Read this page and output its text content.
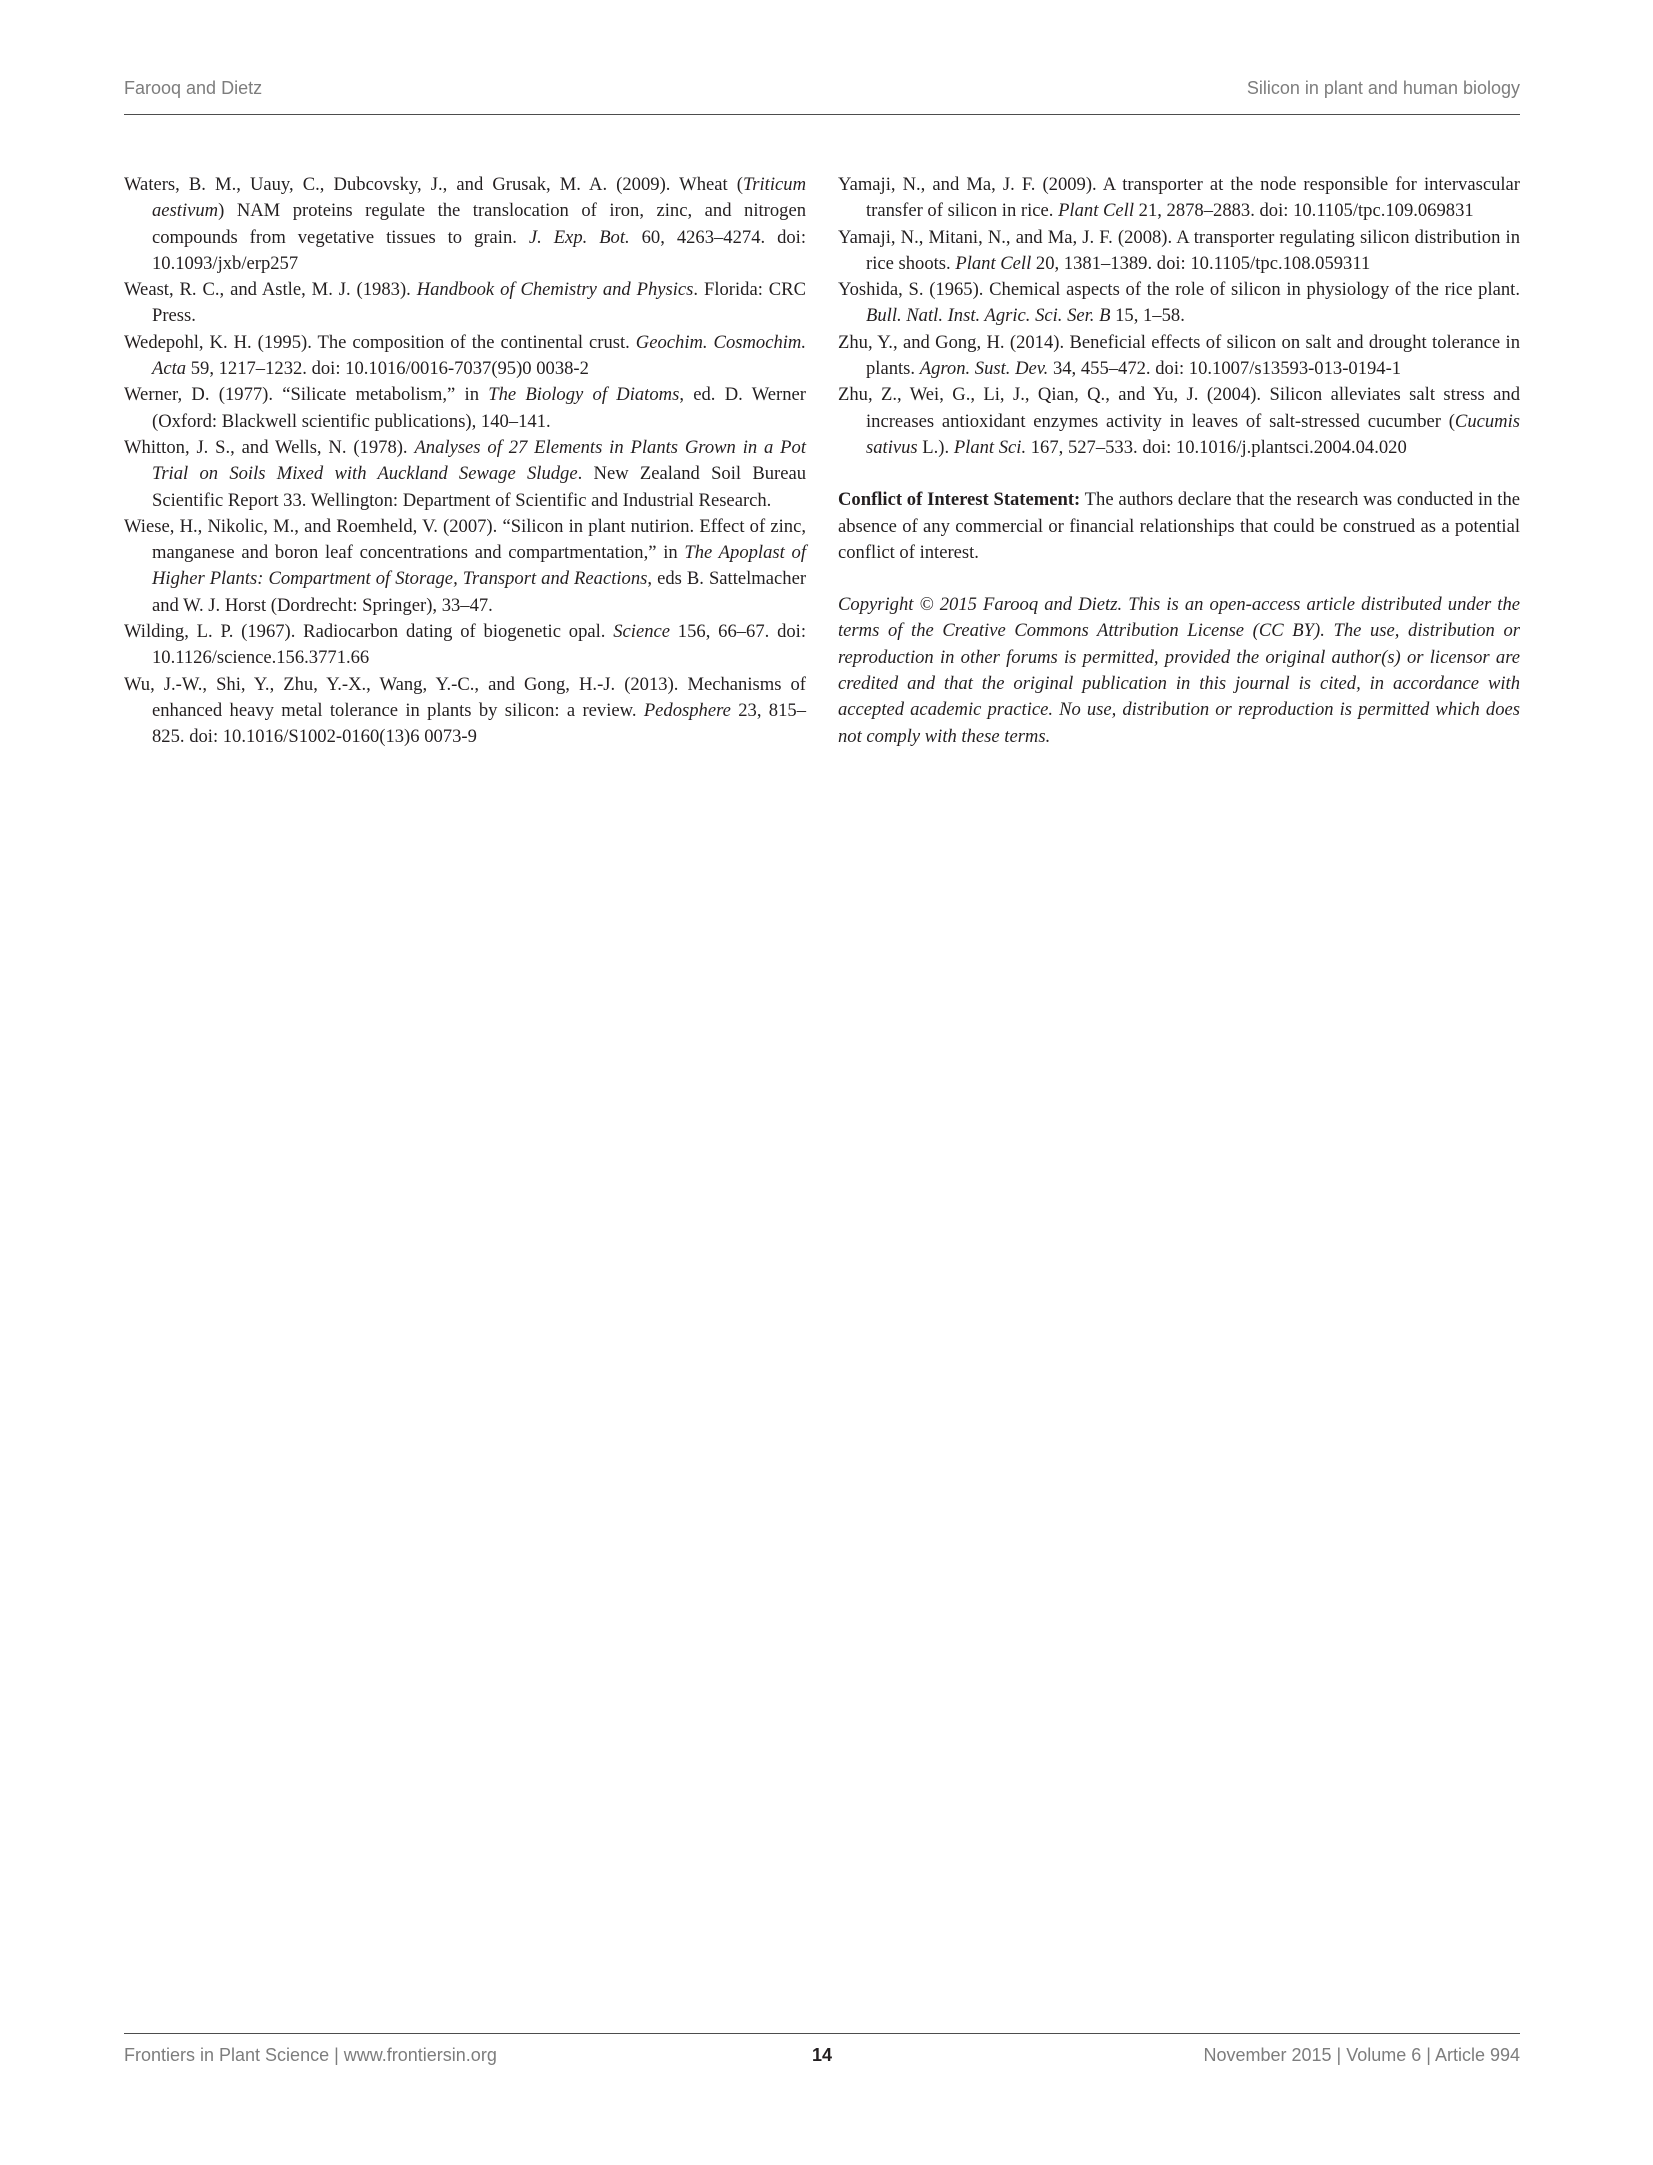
Farooq and Dietz	Silicon in plant and human biology

Waters, B. M., Uauy, C., Dubcovsky, J., and Grusak, M. A. (2009). Wheat (Triticum aestivum) NAM proteins regulate the translocation of iron, zinc, and nitrogen compounds from vegetative tissues to grain. J. Exp. Bot. 60, 4263–4274. doi: 10.1093/jxb/erp257

Weast, R. C., and Astle, M. J. (1983). Handbook of Chemistry and Physics. Florida: CRC Press.

Wedepohl, K. H. (1995). The composition of the continental crust. Geochim. Cosmochim. Acta 59, 1217–1232. doi: 10.1016/0016-7037(95)0 0038-2

Werner, D. (1977). “Silicate metabolism,” in The Biology of Diatoms, ed. D. Werner (Oxford: Blackwell scientific publications), 140–141.

Whitton, J. S., and Wells, N. (1978). Analyses of 27 Elements in Plants Grown in a Pot Trial on Soils Mixed with Auckland Sewage Sludge. New Zealand Soil Bureau Scientific Report 33. Wellington: Department of Scientific and Industrial Research.

Wiese, H., Nikolic, M., and Roemheld, V. (2007). “Silicon in plant nutirion. Effect of zinc, manganese and boron leaf concentrations and compartmentation,” in The Apoplast of Higher Plants: Compartment of Storage, Transport and Reactions, eds B. Sattelmacher and W. J. Horst (Dordrecht: Springer), 33–47.

Wilding, L. P. (1967). Radiocarbon dating of biogenetic opal. Science 156, 66–67. doi: 10.1126/science.156.3771.66

Wu, J.-W., Shi, Y., Zhu, Y.-X., Wang, Y.-C., and Gong, H.-J. (2013). Mechanisms of enhanced heavy metal tolerance in plants by silicon: a review. Pedosphere 23, 815–825. doi: 10.1016/S1002-0160(13)6 0073-9

Yamaji, N., and Ma, J. F. (2009). A transporter at the node responsible for intervascular transfer of silicon in rice. Plant Cell 21, 2878–2883. doi: 10.1105/tpc.109.069831

Yamaji, N., Mitani, N., and Ma, J. F. (2008). A transporter regulating silicon distribution in rice shoots. Plant Cell 20, 1381–1389. doi: 10.1105/tpc.108.059311

Yoshida, S. (1965). Chemical aspects of the role of silicon in physiology of the rice plant. Bull. Natl. Inst. Agric. Sci. Ser. B 15, 1–58.

Zhu, Y., and Gong, H. (2014). Beneficial effects of silicon on salt and drought tolerance in plants. Agron. Sust. Dev. 34, 455–472. doi: 10.1007/s13593-013-0194-1

Zhu, Z., Wei, G., Li, J., Qian, Q., and Yu, J. (2004). Silicon alleviates salt stress and increases antioxidant enzymes activity in leaves of salt-stressed cucumber (Cucumis sativus L.). Plant Sci. 167, 527–533. doi: 10.1016/j.plantsci.2004.04.020

Conflict of Interest Statement: The authors declare that the research was conducted in the absence of any commercial or financial relationships that could be construed as a potential conflict of interest.

Copyright © 2015 Farooq and Dietz. This is an open-access article distributed under the terms of the Creative Commons Attribution License (CC BY). The use, distribution or reproduction in other forums is permitted, provided the original author(s) or licensor are credited and that the original publication in this journal is cited, in accordance with accepted academic practice. No use, distribution or reproduction is permitted which does not comply with these terms.

Frontiers in Plant Science | www.frontiersin.org	14	November 2015 | Volume 6 | Article 994
